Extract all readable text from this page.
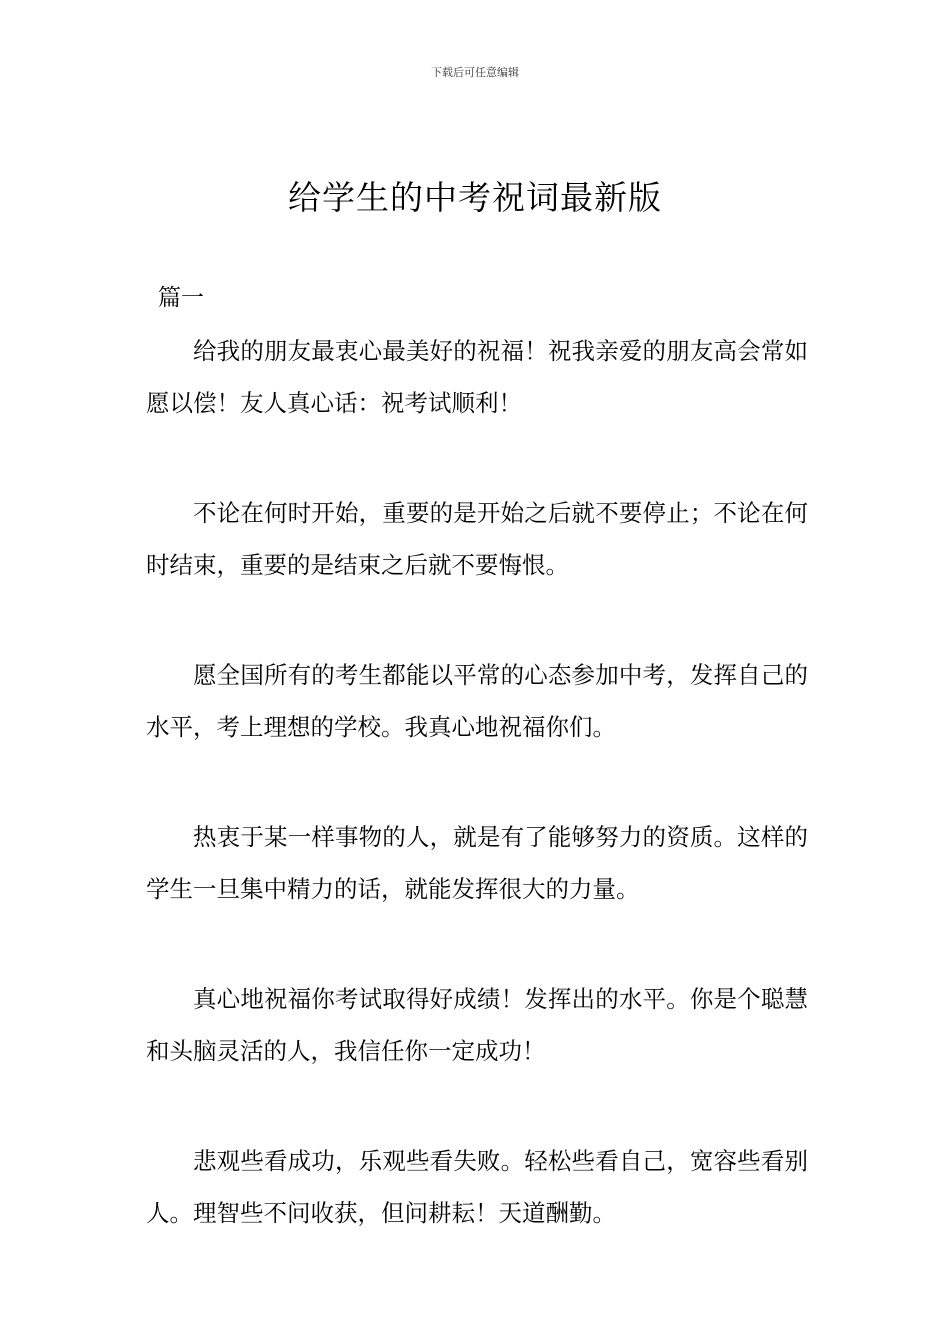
下载后可任意编辑
给学生的中考祝词最新版
篇一

给我的朋友最衷心最美好的祝福！祝我亲爱的朋友高会常如愿以偿！友人真心话：祝考试顺利！

不论在何时开始，重要的是开始之后就不要停止；不论在何时结束，重要的是结束之后就不要悔恨。

愿全国所有的考生都能以平常的心态参加中考，发挥自己的水平，考上理想的学校。我真心地祝福你们。

热衷于某一样事物的人，就是有了能够努力的资质。这样的学生一旦集中精力的话，就能发挥很大的力量。

真心地祝福你考试取得好成绩！发挥出的水平。你是个聪慧和头脑灵活的人，我信任你一定成功！

悲观些看成功，乐观些看失败。轻松些看自己，宽容些看别人。理智些不问收获，但问耕耘！天道酬勤。
